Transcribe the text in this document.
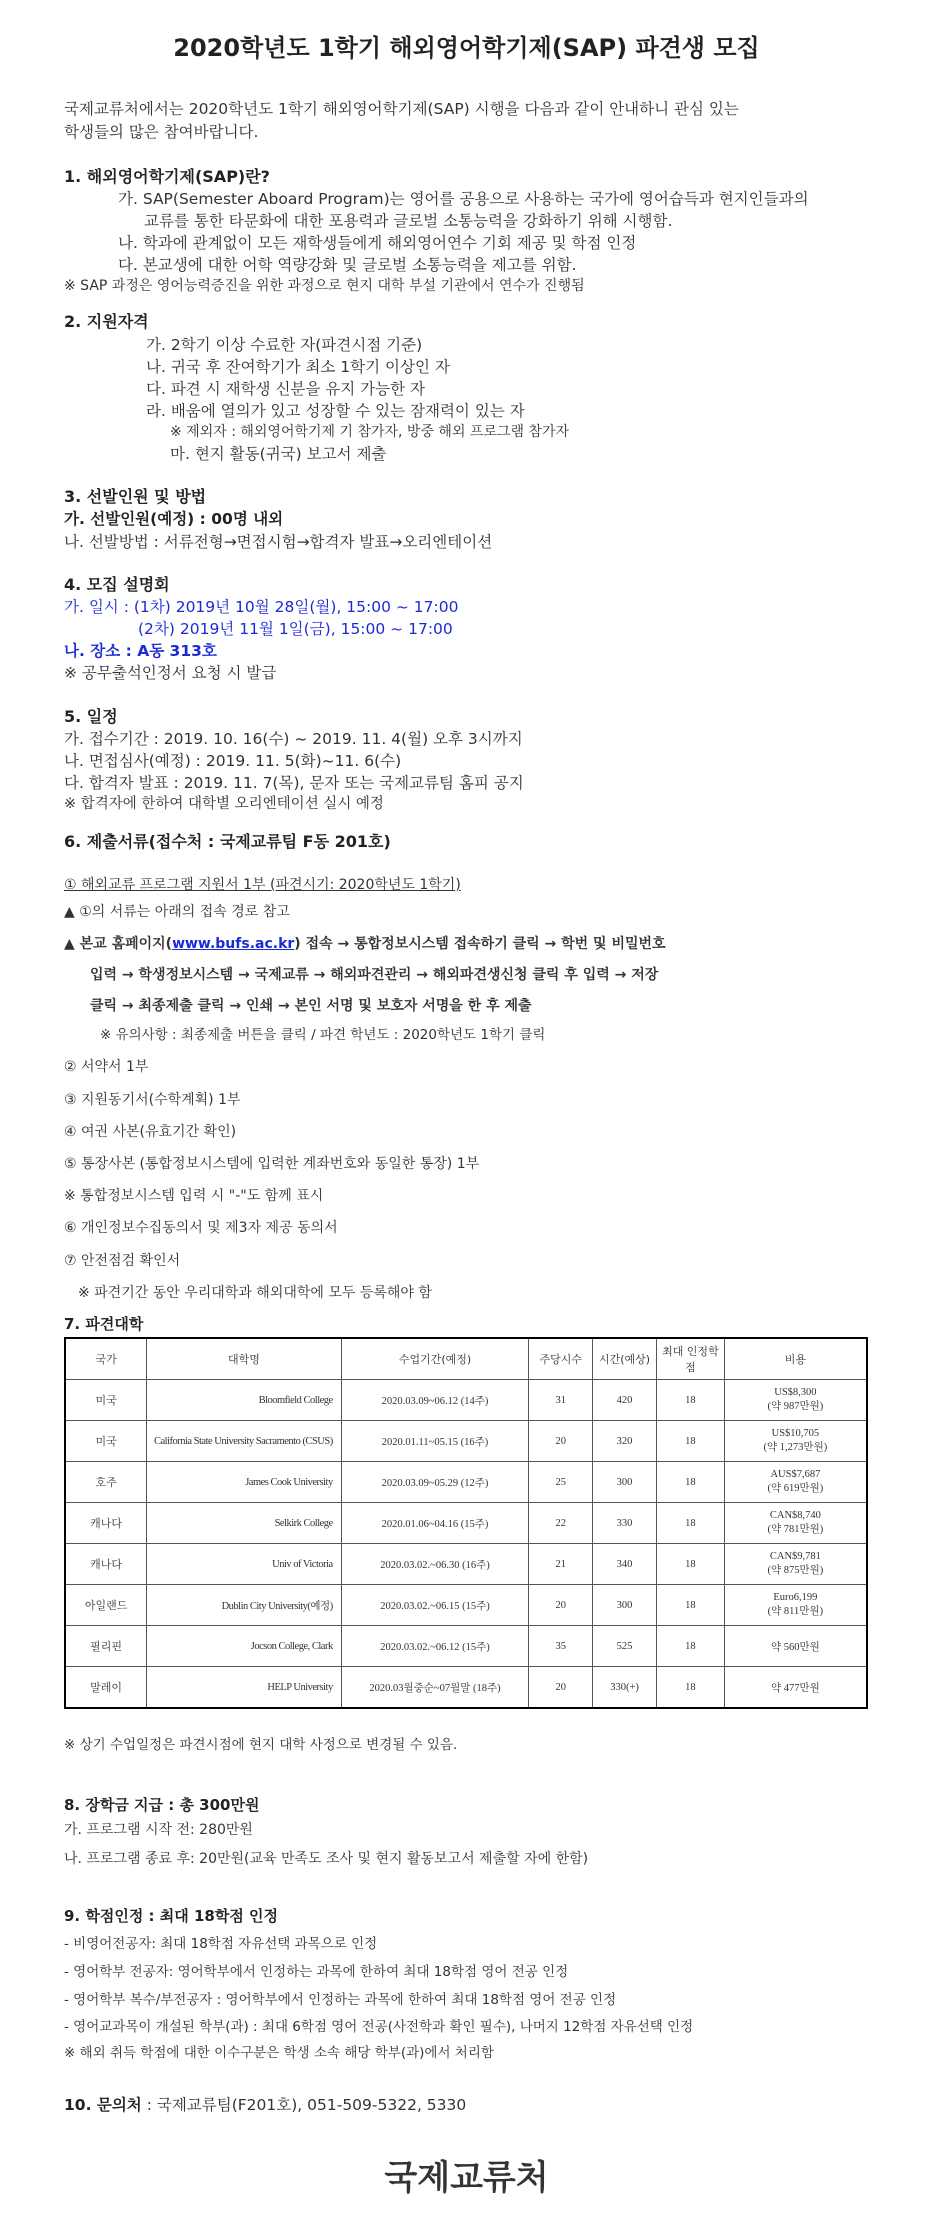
2020학년도 1학기 해외영어학기제(SAP) 파견생 모집
국제교류처에서는 2020학년도 1학기 해외영어학기제(SAP) 시행을 다음과 같이 안내하니 관심 있는
학생들의 많은 참여바랍니다.
1. 해외영어학기제(SAP)란?
가. SAP(Semester Aboard Program)는 영어를 공용으로 사용하는 국가에 영어습득과 현지인들과의
교류를 통한 타문화에 대한 포용력과 글로벌 소통능력을 강화하기 위해 시행함.
나. 학과에 관계없이 모든 재학생들에게 해외영어연수 기회 제공 및 학점 인정
다. 본교생에 대한 어학 역량강화 및 글로벌 소통능력을 제고를 위함.
※ SAP 과정은 영어능력증진을 위한 과정으로 현지 대학 부설 기관에서 연수가 진행됨
2. 지원자격
가. 2학기 이상 수료한 자(파견시점 기준)
나. 귀국 후 잔여학기가 최소 1학기 이상인 자
다. 파견 시 재학생 신분을 유지 가능한 자
라. 배움에 열의가 있고 성장할 수 있는 잠재력이 있는 자
※ 제외자 : 해외영어학기제 기 참가자, 방중 해외 프로그램 참가자
마. 현지 활동(귀국) 보고서 제출
3. 선발인원 및 방법
가. 선발인원(예정) : 00명 내외
나. 선발방법 : 서류전형→면접시험→합격자 발표→오리엔테이션
4. 모집 설명회
가. 일시 : (1차) 2019년 10월 28일(월), 15:00 ~ 17:00
(2차) 2019년 11월 1일(금), 15:00 ~ 17:00
나. 장소 : A동 313호
※ 공무출석인정서 요청 시 발급
5. 일정
가. 접수기간 : 2019. 10. 16(수) ~ 2019. 11. 4(월) 오후 3시까지
나. 면접심사(예정) : 2019. 11. 5(화)~11. 6(수)
다. 합격자 발표 : 2019. 11. 7(목), 문자 또는 국제교류팀 홈피 공지
※ 합격자에 한하여 대학별 오리엔테이션 실시 예정
6. 제출서류(접수처 : 국제교류팀 F동 201호)
① 해외교류 프로그램 지원서 1부 (파견시기: 2020학년도 1학기)
▲ ①의 서류는 아래의 접속 경로 참고
▲ 본교 홈페이지(www.bufs.ac.kr) 접속 → 통합정보시스템 접속하기 클릭 → 학번 및 비밀번호
입력 → 학생정보시스템 → 국제교류 → 해외파견관리 → 해외파견생신청 클릭 후 입력 → 저장
클릭 → 최종제출 클릭 → 인쇄 → 본인 서명 및 보호자 서명을 한 후 제출
※ 유의사항 : 최종제출 버튼을 클릭 / 파견 학년도 : 2020학년도 1학기 클릭
② 서약서 1부
③ 지원동기서(수학계획) 1부
④ 여권 사본(유효기간 확인)
⑤ 통장사본 (통합정보시스템에 입력한 계좌번호와 동일한 통장) 1부
※ 통합정보시스템 입력 시 "-"도 함께 표시
⑥ 개인정보수집동의서 및 제3자 제공 동의서
⑦ 안전점검 확인서
※ 파견기간 동안 우리대학과 해외대학에 모두 등록해야 함
7. 파견대학
국가	대학명	수업기간(예정)	주당시수	시간(예상)	최대 인정학점	비용
미국	Bloomfield College	2020.03.09~06.12 (14주)	31	420	18	US$8,300
(약 987만원)

미국	California State University Sacramento (CSUS)	2020.01.11~05.15 (16주)	20	320	18	US$10,705
(약 1,273만원)

호주	James Cook University	2020.03.09~05.29 (12주)	25	300	18	AUS$7,687
(약 619만원)

캐나다	Selkirk College	2020.01.06~04.16 (15주)	22	330	18	CAN$8,740
(약 781만원)

캐나다	Univ of Victoria	2020.03.02.~06.30 (16주)	21	340	18	CAN$9,781
(약 875만원)

아일랜드	Dublin City University(예정)	2020.03.02.~06.15 (15주)	20	300	18	Euro6,199
(약 811만원)

필리핀	Jocson College, Clark	2020.03.02.~06.12 (15주)	35	525	18	약 560만원

말레이	HELP University	2020.03월중순~07월말 (18주)	20	330(+)	18	약 477만원
※ 상기 수업일정은 파견시점에 현지 대학 사정으로 변경될 수 있음.
8. 장학금 지급 : 총 300만원
가. 프로그램 시작 전: 280만원
나. 프로그램 종료 후: 20만원(교육 만족도 조사 및 현지 활동보고서 제출할 자에 한함)
9. 학점인정 : 최대 18학점 인정
- 비영어전공자: 최대 18학점 자유선택 과목으로 인정
- 영어학부 전공자: 영어학부에서 인정하는 과목에 한하여 최대 18학점 영어 전공 인정
- 영어학부 복수/부전공자 : 영어학부에서 인정하는 과목에 한하여 최대 18학점 영어 전공 인정
- 영어교과목이 개설된 학부(과) : 최대 6학점 영어 전공(사전학과 확인 필수), 나머지 12학점 자유선택 인정
※ 해외 취득 학점에 대한 이수구분은 학생 소속 해당 학부(과)에서 처리함
10. 문의처 : 국제교류팀(F201호), 051-509-5322, 5330
국제교류처
